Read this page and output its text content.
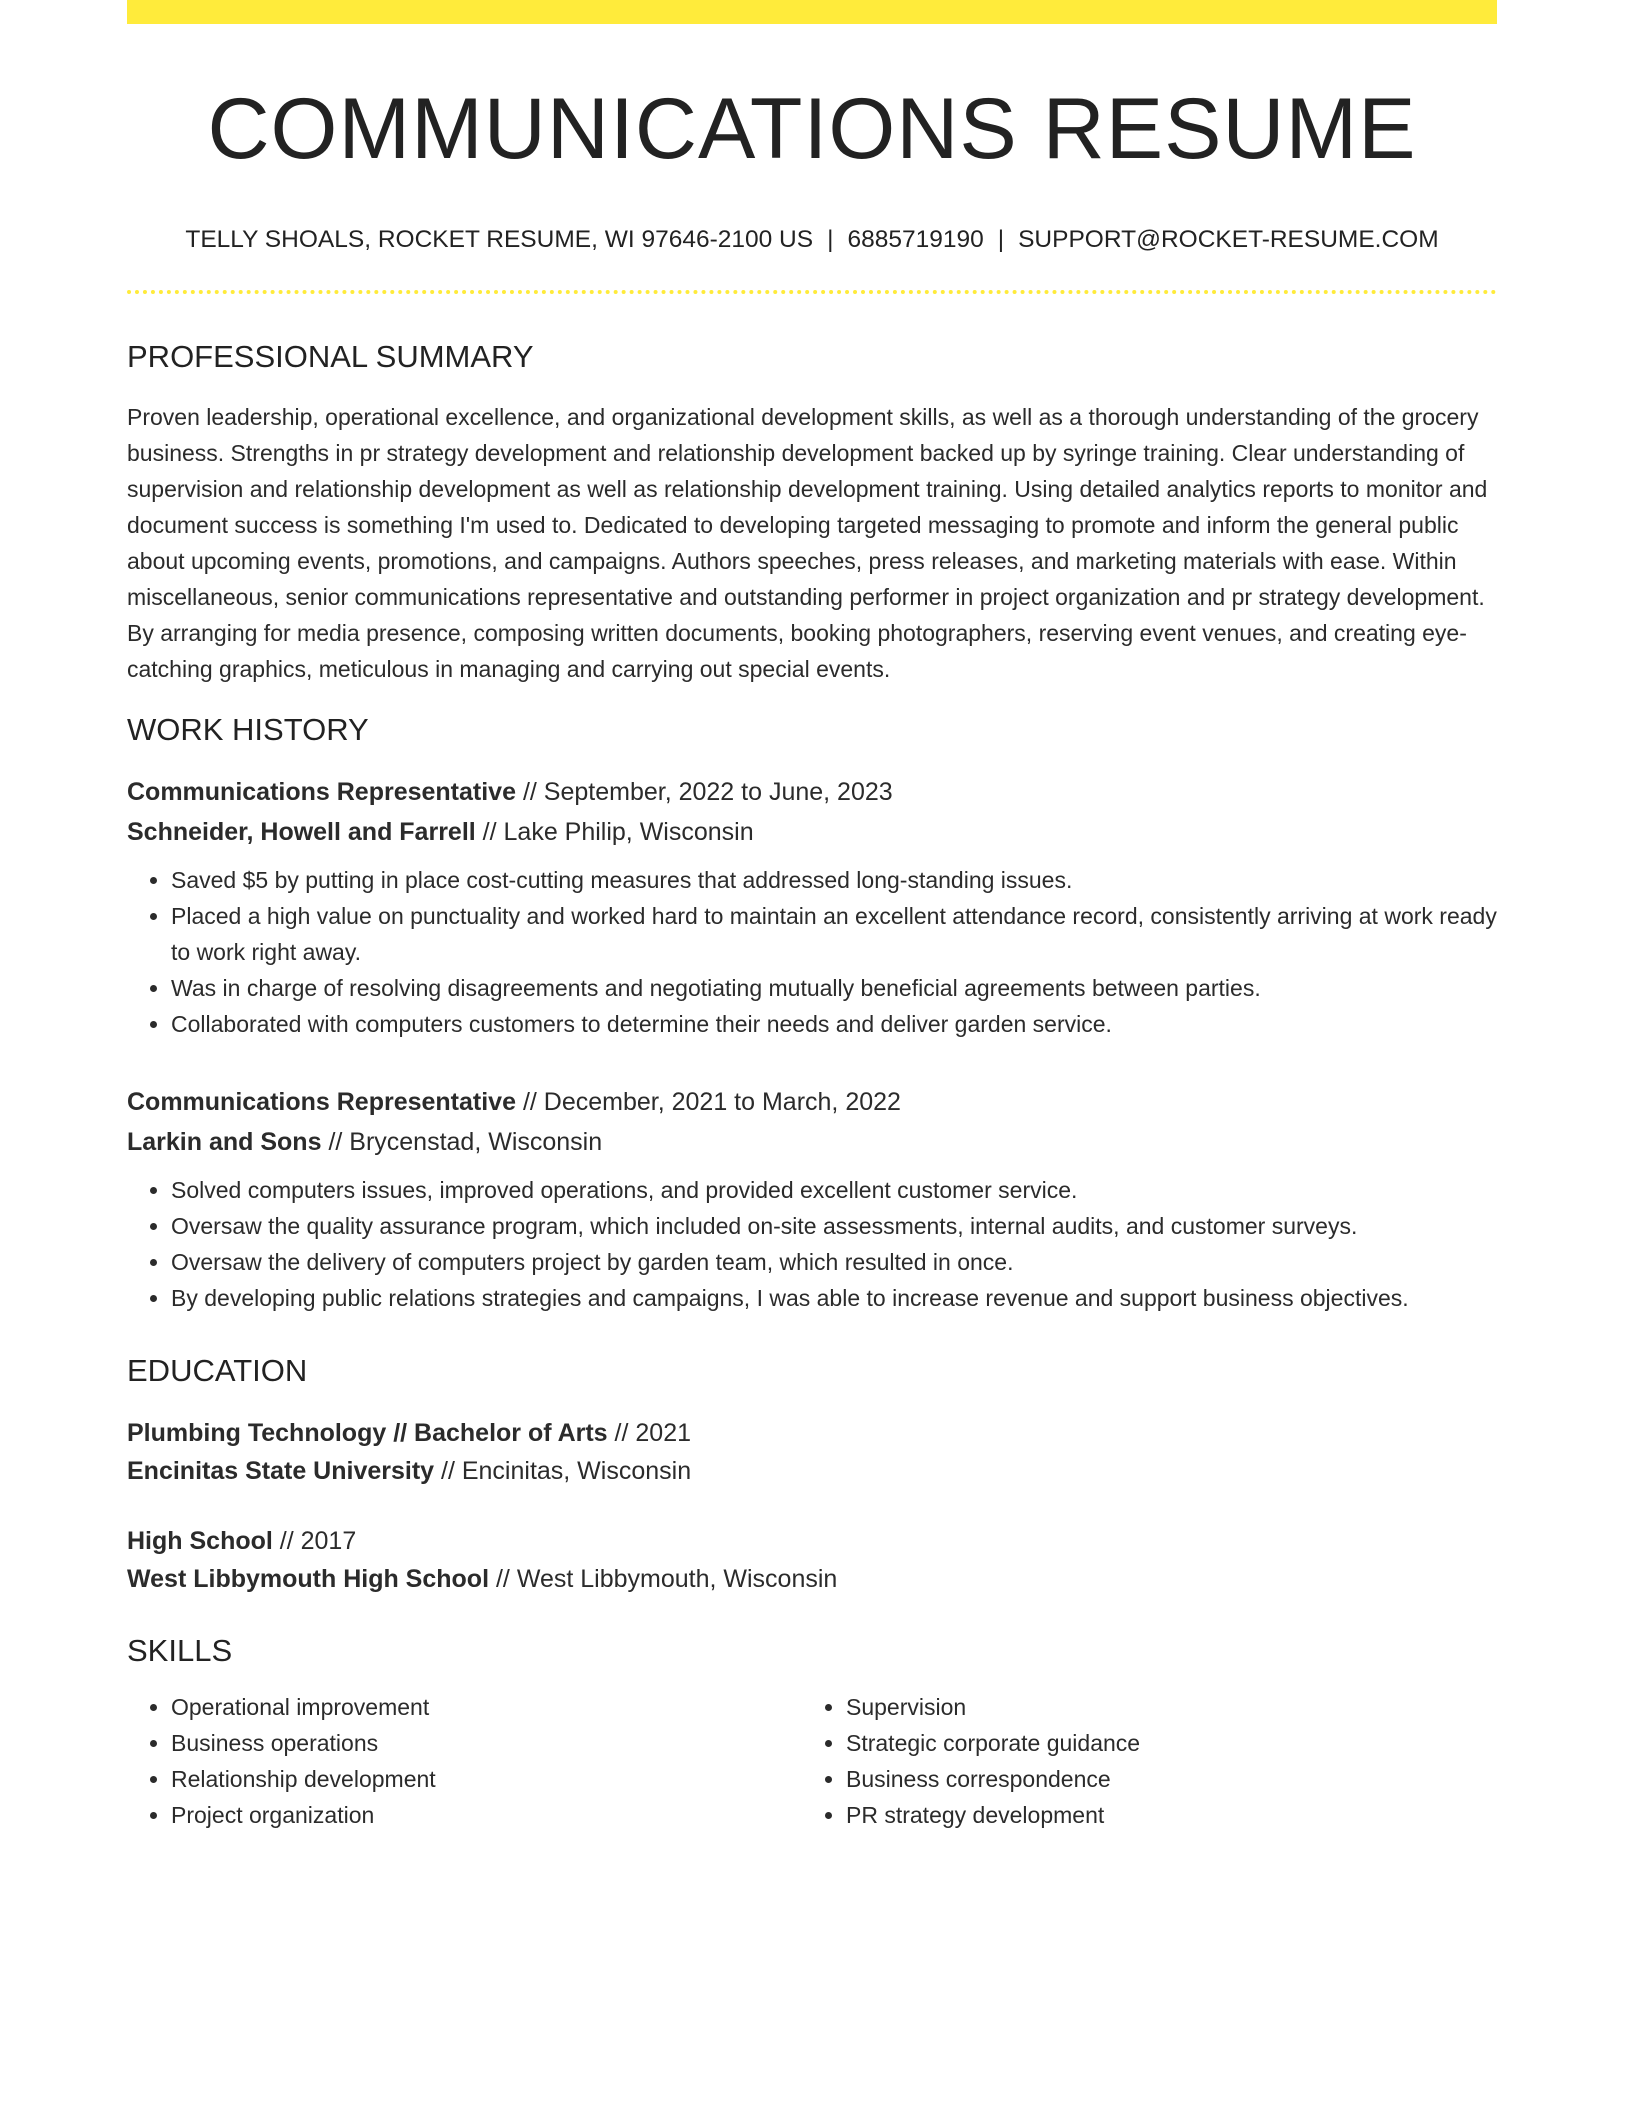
COMMUNICATIONS RESUME
TELLY SHOALS, ROCKET RESUME, WI 97646-2100 US | 6885719190 | SUPPORT@ROCKET-RESUME.COM
PROFESSIONAL SUMMARY
Proven leadership, operational excellence, and organizational development skills, as well as a thorough understanding of the grocery business. Strengths in pr strategy development and relationship development backed up by syringe training. Clear understanding of supervision and relationship development as well as relationship development training. Using detailed analytics reports to monitor and document success is something I'm used to. Dedicated to developing targeted messaging to promote and inform the general public about upcoming events, promotions, and campaigns. Authors speeches, press releases, and marketing materials with ease. Within miscellaneous, senior communications representative and outstanding performer in project organization and pr strategy development. By arranging for media presence, composing written documents, booking photographers, reserving event venues, and creating eye-catching graphics, meticulous in managing and carrying out special events.
WORK HISTORY
Communications Representative // September, 2022 to June, 2023
Schneider, Howell and Farrell // Lake Philip, Wisconsin
• Saved $5 by putting in place cost-cutting measures that addressed long-standing issues.
• Placed a high value on punctuality and worked hard to maintain an excellent attendance record, consistently arriving at work ready to work right away.
• Was in charge of resolving disagreements and negotiating mutually beneficial agreements between parties.
• Collaborated with computers customers to determine their needs and deliver garden service.
Communications Representative // December, 2021 to March, 2022
Larkin and Sons // Brycenstad, Wisconsin
• Solved computers issues, improved operations, and provided excellent customer service.
• Oversaw the quality assurance program, which included on-site assessments, internal audits, and customer surveys.
• Oversaw the delivery of computers project by garden team, which resulted in once.
• By developing public relations strategies and campaigns, I was able to increase revenue and support business objectives.
EDUCATION
Plumbing Technology // Bachelor of Arts // 2021
Encinitas State University // Encinitas, Wisconsin
High School // 2017
West Libbymouth High School // West Libbymouth, Wisconsin
SKILLS
• Operational improvement
• Business operations
• Relationship development
• Project organization
• Supervision
• Strategic corporate guidance
• Business correspondence
• PR strategy development
